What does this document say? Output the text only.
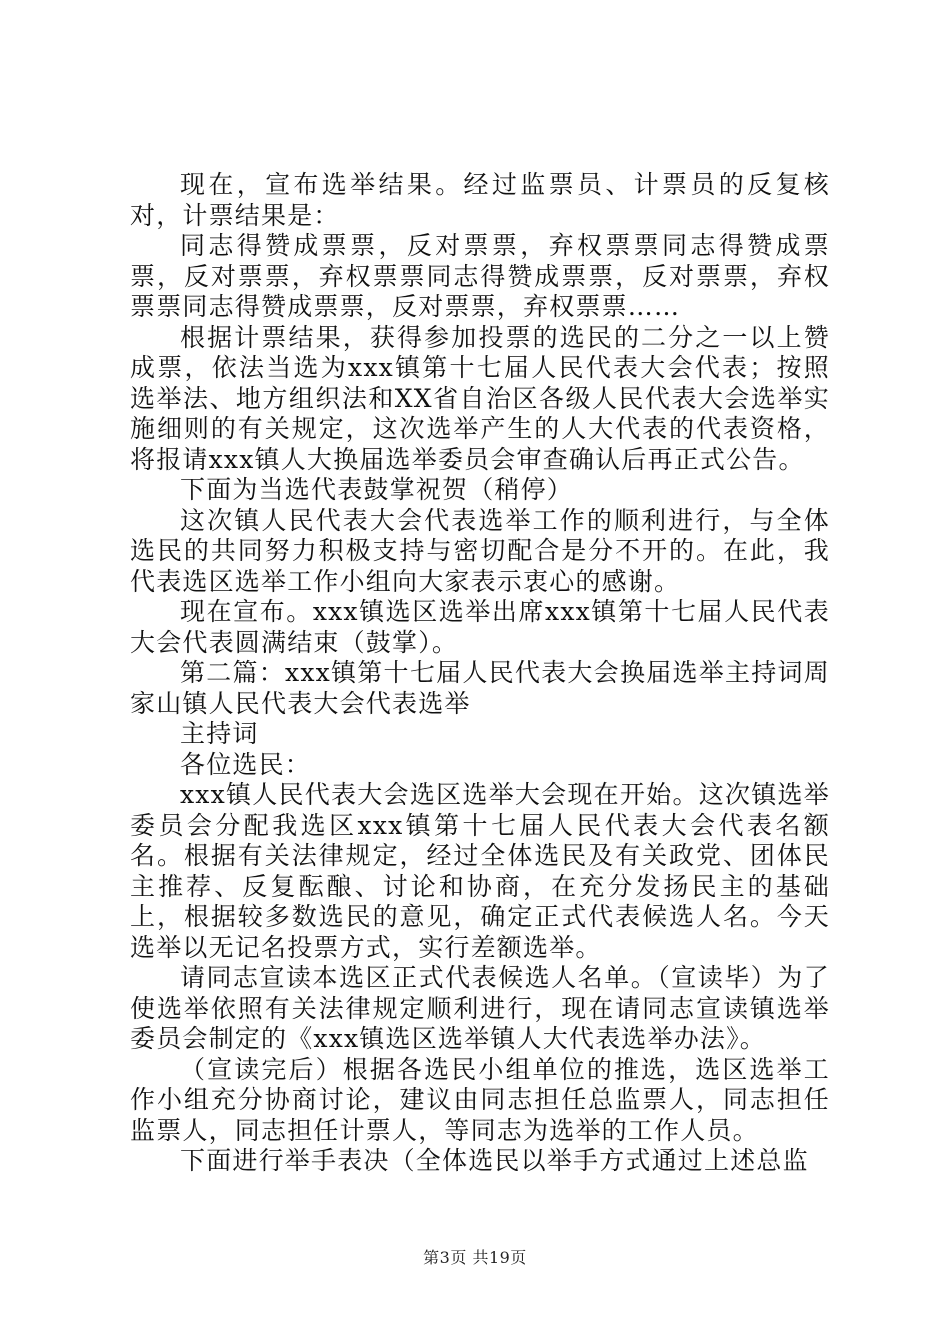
现在，宣布选举结果。经过监票员、计票员的反复核对，计票结果是：

同志得赞成票票，反对票票，弃权票票同志得赞成票票，反对票票，弃权票票同志得赞成票票，反对票票，弃权票票同志得赞成票票，反对票票，弃权票票……

根据计票结果，获得参加投票的选民的二分之一以上赞成票，依法当选为xxx镇第十七届人民代表大会代表；按照选举法、地方组织法和XX省自治区各级人民代表大会选举实施细则的有关规定，这次选举产生的人大代表的代表资格，将报请xxx镇人大换届选举委员会审查确认后再正式公告。

下面为当选代表鼓掌祝贺（稍停）

这次镇人民代表大会代表选举工作的顺利进行，与全体选民的共同努力积极支持与密切配合是分不开的。在此，我代表选区选举工作小组向大家表示衷心的感谢。

现在宣布。xxx镇选区选举出席xxx镇第十七届人民代表大会代表圆满结束（鼓掌）。

第二篇：xxx镇第十七届人民代表大会换届选举主持词周家山镇人民代表大会代表选举

主持词

各位选民：

xxx镇人民代表大会选区选举大会现在开始。这次镇选举委员会分配我选区xxx镇第十七届人民代表大会代表名额名。根据有关法律规定，经过全体选民及有关政党、团体民主推荐、反复酝酿、讨论和协商，在充分发扬民主的基础上，根据较多数选民的意见，确定正式代表候选人名。今天选举以无记名投票方式，实行差额选举。

请同志宣读本选区正式代表候选人名单。（宣读毕）为了使选举依照有关法律规定顺利进行，现在请同志宣读镇选举委员会制定的《xxx镇选区选举镇人大代表选举办法》。

（宣读完后）根据各选民小组单位的推选，选区选举工作小组充分协商讨论，建议由同志担任总监票人，同志担任监票人，同志担任计票人，等同志为选举的工作人员。

下面进行举手表决（全体选民以举手方式通过上述总监

第3页 共19页
